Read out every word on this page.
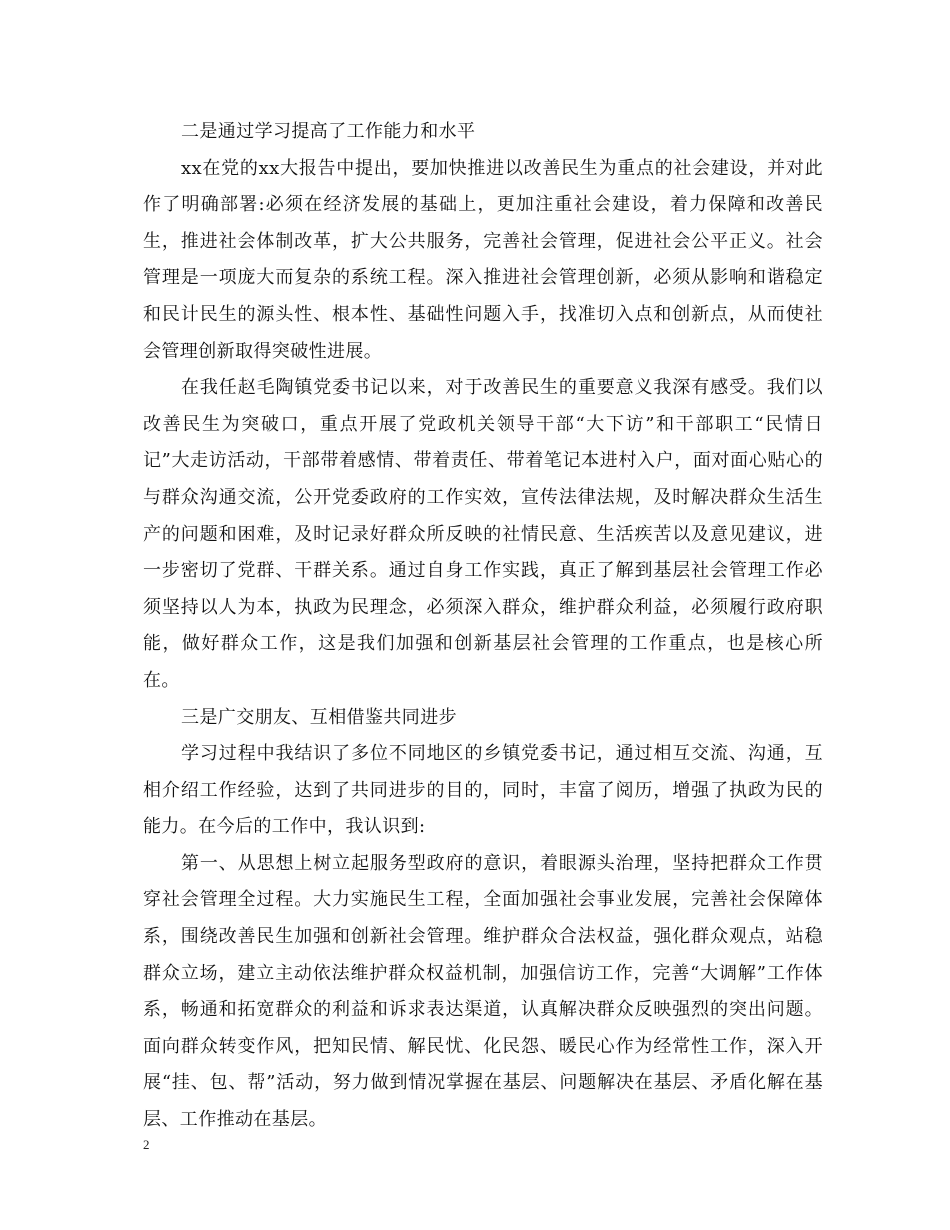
二是通过学习提高了工作能力和水平

xx在党的xx大报告中提出，要加快推进以改善民生为重点的社会建设，并对此作了明确部署:必须在经济发展的基础上，更加注重社会建设，着力保障和改善民生，推进社会体制改革，扩大公共服务，完善社会管理，促进社会公平正义。社会管理是一项庞大而复杂的系统工程。深入推进社会管理创新，必须从影响和谐稳定和民计民生的源头性、根本性、基础性问题入手，找准切入点和创新点，从而使社会管理创新取得突破性进展。

在我任赵毛陶镇党委书记以来，对于改善民生的重要意义我深有感受。我们以改善民生为突破口，重点开展了党政机关领导干部“大下访”和干部职工“民情日记”大走访活动，干部带着感情、带着责任、带着笔记本进村入户，面对面心贴心的与群众沟通交流，公开党委政府的工作实效，宣传法律法规，及时解决群众生活生产的问题和困难，及时记录好群众所反映的社情民意、生活疾苦以及意见建议，进一步密切了党群、干群关系。通过自身工作实践，真正了解到基层社会管理工作必须坚持以人为本，执政为民理念，必须深入群众，维护群众利益，必须履行政府职能，做好群众工作，这是我们加强和创新基层社会管理的工作重点，也是核心所在。

三是广交朋友、互相借鉴共同进步

学习过程中我结识了多位不同地区的乡镇党委书记，通过相互交流、沟通，互相介绍工作经验，达到了共同进步的目的，同时，丰富了阅历，增强了执政为民的能力。在今后的工作中，我认识到:

第一、从思想上树立起服务型政府的意识，着眼源头治理，坚持把群众工作贯穿社会管理全过程。大力实施民生工程，全面加强社会事业发展，完善社会保障体系，围绕改善民生加强和创新社会管理。维护群众合法权益，强化群众观点，站稳群众立场，建立主动依法维护群众权益机制，加强信访工作，完善“大调解”工作体系，畅通和拓宽群众的利益和诉求表达渠道，认真解决群众反映强烈的突出问题。面向群众转变作风，把知民情、解民忧、化民怨、暖民心作为经常性工作，深入开展“挂、包、帮”活动，努力做到情况掌握在基层、问题解决在基层、矛盾化解在基层、工作推动在基层。

2
